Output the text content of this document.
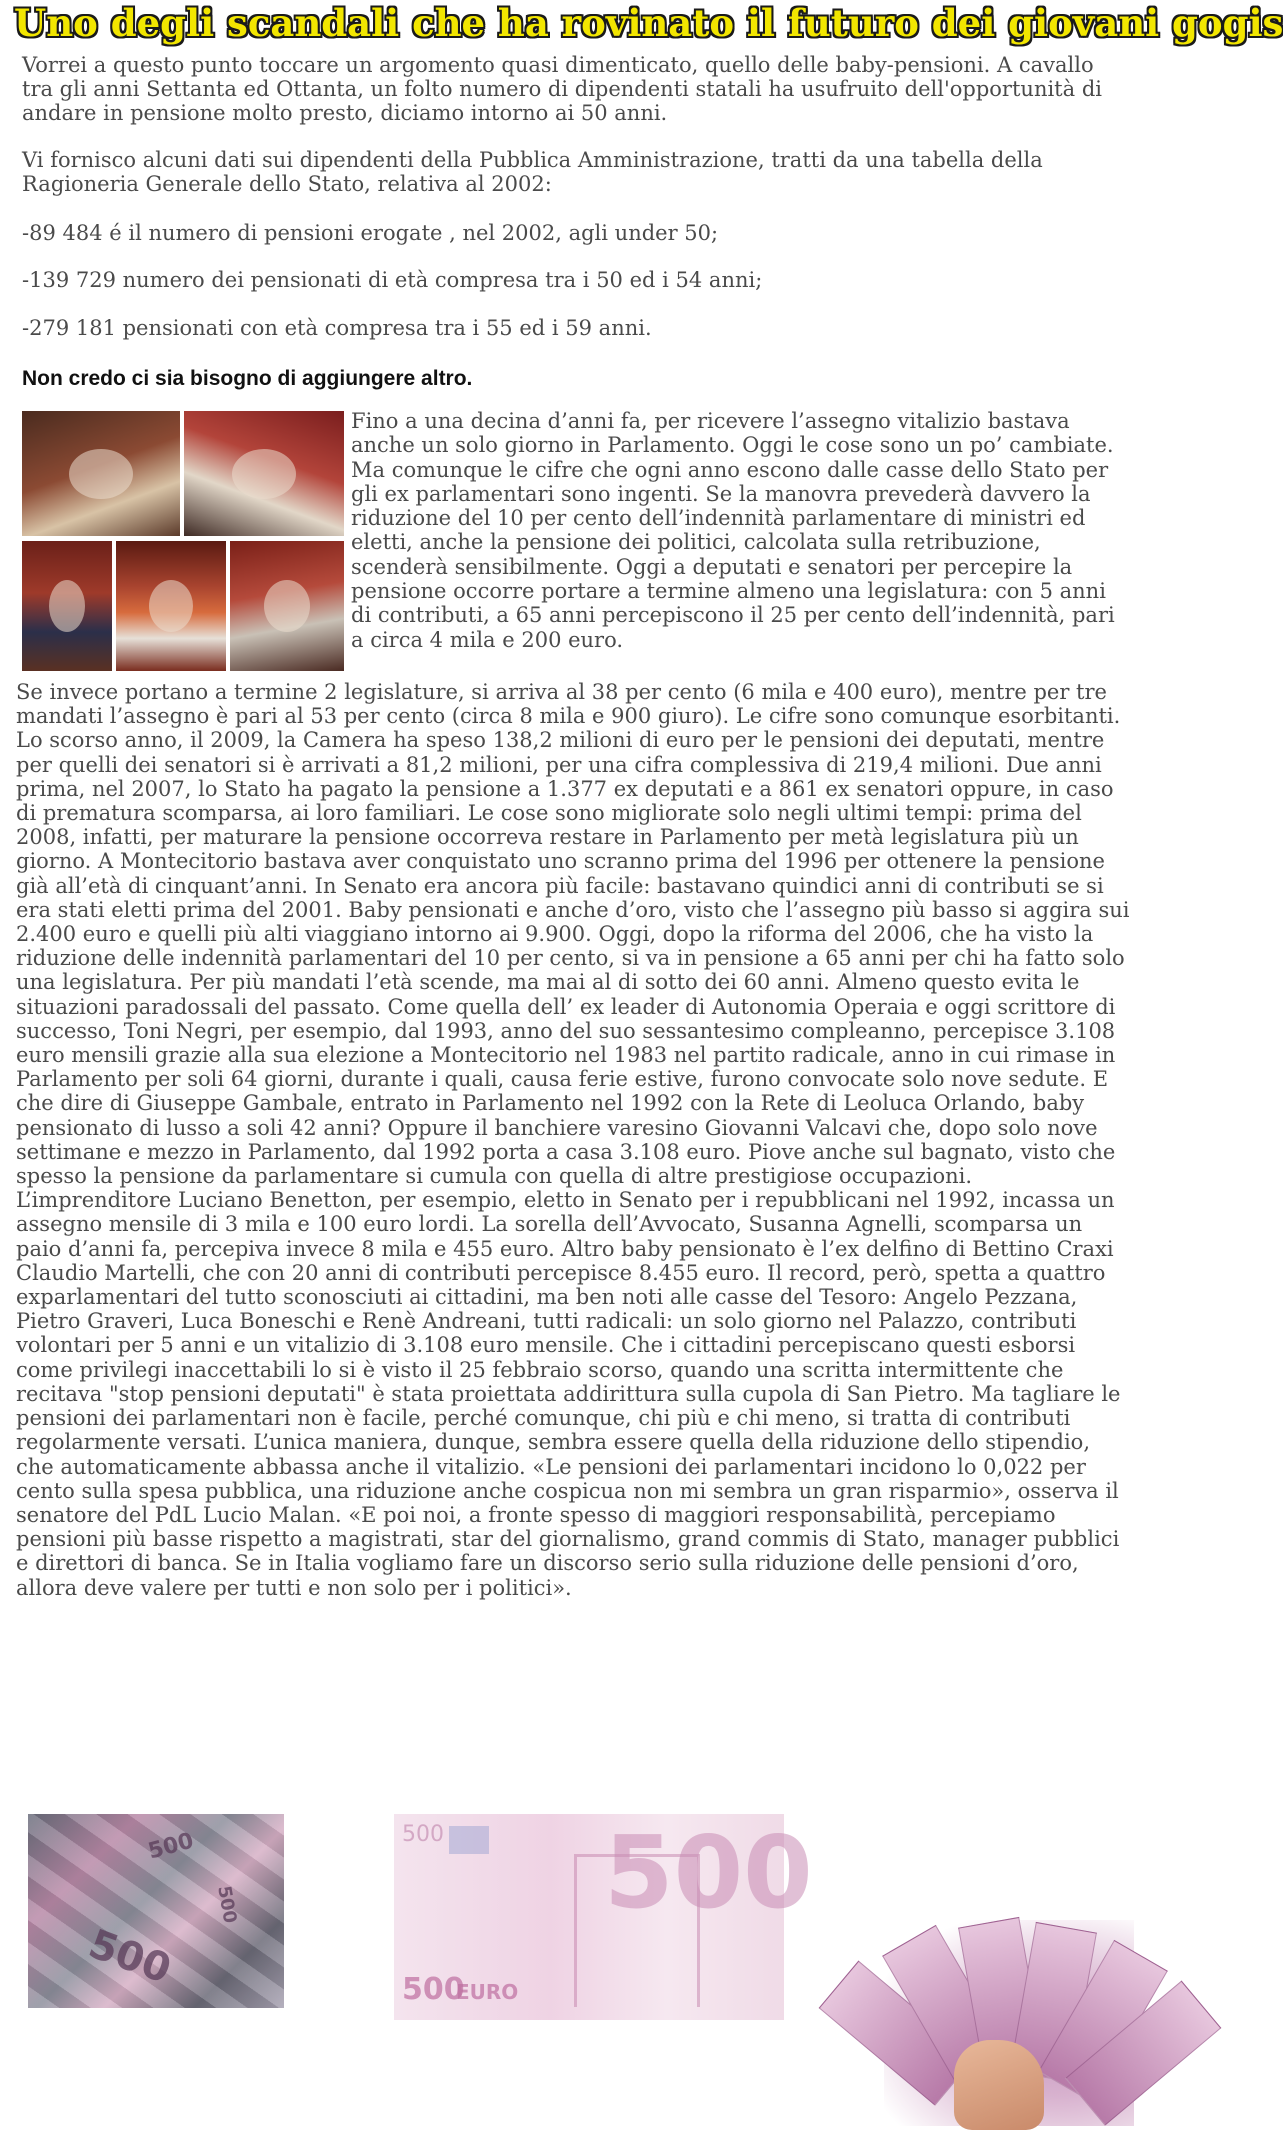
Uno degli scandali che ha rovinato il futuro dei giovani gogis

Vorrei a questo punto toccare un argomento quasi dimenticato, quello delle baby-pensioni. A cavallo tra gli anni Settanta ed Ottanta, un folto numero di dipendenti statali ha usufruito dell'opportunità di andare in pensione molto presto, diciamo intorno ai 50 anni.

Vi fornisco alcuni dati sui dipendenti della Pubblica Amministrazione, tratti da una tabella della Ragioneria Generale dello Stato, relativa al 2002:

-89 484 é il numero di pensioni erogate , nel 2002, agli under 50;

-139 729 numero dei pensionati di età compresa tra i 50 ed i 54 anni;

-279 181 pensionati con età compresa tra i 55 ed i 59 anni.

Non credo ci sia bisogno di aggiungere altro.

Fino a una decina d’anni fa, per ricevere l’assegno vitalizio bastava anche un solo giorno in Parlamento. Oggi le cose sono un po’ cambiate. Ma comunque le cifre che ogni anno escono dalle casse dello Stato per gli ex parlamentari sono ingenti. Se la manovra prevederà davvero la riduzione del 10 per cento dell’indennità parlamentare di ministri ed eletti, anche la pensione dei politici, calcolata sulla retribuzione, scenderà sensibilmente. Oggi a deputati e senatori per percepire la pensione occorre portare a termine almeno una legislatura: con 5 anni di contributi, a 65 anni percepiscono il 25 per cento dell’indennità, pari a circa 4 mila e 200 euro.

Se invece portano a termine 2 legislature, si arriva al 38 per cento (6 mila e 400 euro), mentre per tre mandati l’assegno è pari al 53 per cento (circa 8 mila e 900 giuro). Le cifre sono comunque esorbitanti. Lo scorso anno, il 2009, la Camera ha speso 138,2 milioni di euro per le pensioni dei deputati, mentre per quelli dei senatori si è arrivati a 81,2 milioni, per una cifra complessiva di 219,4 milioni. Due anni prima, nel 2007, lo Stato ha pagato la pensione a 1.377 ex deputati e a 861 ex senatori oppure, in caso di prematura scomparsa, ai loro familiari. Le cose sono migliorate solo negli ultimi tempi: prima del 2008, infatti, per maturare la pensione occorreva restare in Parlamento per metà legislatura più un giorno. A Montecitorio bastava aver conquistato uno scranno prima del 1996 per ottenere la pensione già all’età di cinquant’anni. In Senato era ancora più facile: bastavano quindici anni di contributi se si era stati eletti prima del 2001. Baby pensionati e anche d’oro, visto che l’assegno più basso si aggira sui 2.400 euro e quelli più alti viaggiano intorno ai 9.900. Oggi, dopo la riforma del 2006, che ha visto la riduzione delle indennità parlamentari del 10 per cento, si va in pensione a 65 anni per chi ha fatto solo una legislatura. Per più mandati l’età scende, ma mai al di sotto dei 60 anni. Almeno questo evita le situazioni paradossali del passato. Come quella dell’ ex leader di Autonomia Operaia e oggi scrittore di successo, Toni Negri, per esempio, dal 1993, anno del suo sessantesimo compleanno, percepisce 3.108 euro mensili grazie alla sua elezione a Montecitorio nel 1983 nel partito radicale, anno in cui rimase in Parlamento per soli 64 giorni, durante i quali, causa ferie estive, furono convocate solo nove sedute. E che dire di Giuseppe Gambale, entrato in Parlamento nel 1992 con la Rete di Leoluca Orlando, baby pensionato di lusso a soli 42 anni? Oppure il banchiere varesino Giovanni Valcavi che, dopo solo nove settimane e mezzo in Parlamento, dal 1992 porta a casa 3.108 euro. Piove anche sul bagnato, visto che spesso la pensione da parlamentare si cumula con quella di altre prestigiose occupazioni. L’imprenditore Luciano Benetton, per esempio, eletto in Senato per i repubblicani nel 1992, incassa un assegno mensile di 3 mila e 100 euro lordi. La sorella dell’Avvocato, Susanna Agnelli, scomparsa un paio d’anni fa, percepiva invece 8 mila e 455 euro. Altro baby pensionato è l’ex delfino di Bettino Craxi Claudio Martelli, che con 20 anni di contributi percepisce 8.455 euro. Il record, però, spetta a quattro exparlamentari del tutto sconosciuti ai cittadini, ma ben noti alle casse del Tesoro: Angelo Pezzana, Pietro Graveri, Luca Boneschi e Renè Andreani, tutti radicali: un solo giorno nel Palazzo, contributi volontari per 5 anni e un vitalizio di 3.108 euro mensile. Che i cittadini percepiscano questi esborsi come privilegi inaccettabili lo si è visto il 25 febbraio scorso, quando una scritta intermittente che recitava "stop pensioni deputati" è stata proiettata addirittura sulla cupola di San Pietro. Ma tagliare le pensioni dei parlamentari non è facile, perché comunque, chi più e chi meno, si tratta di contributi regolarmente versati. L’unica maniera, dunque, sembra essere quella della riduzione dello stipendio, che automaticamente abbassa anche il vitalizio. «Le pensioni dei parlamentari incidono lo 0,022 per cento sulla spesa pubblica, una riduzione anche cospicua non mi sembra un gran risparmio», osserva il senatore del PdL Lucio Malan. «E poi noi, a fronte spesso di maggiori responsabilità, percepiamo pensioni più basse rispetto a magistrati, star del giornalismo, grand commis di Stato, manager pubblici e direttori di banca. Se in Italia vogliamo fare un discorso serio sulla riduzione delle pensioni d’oro, allora deve valere per tutti e non solo per i politici».

500
500
500
500 500
500
EURO
